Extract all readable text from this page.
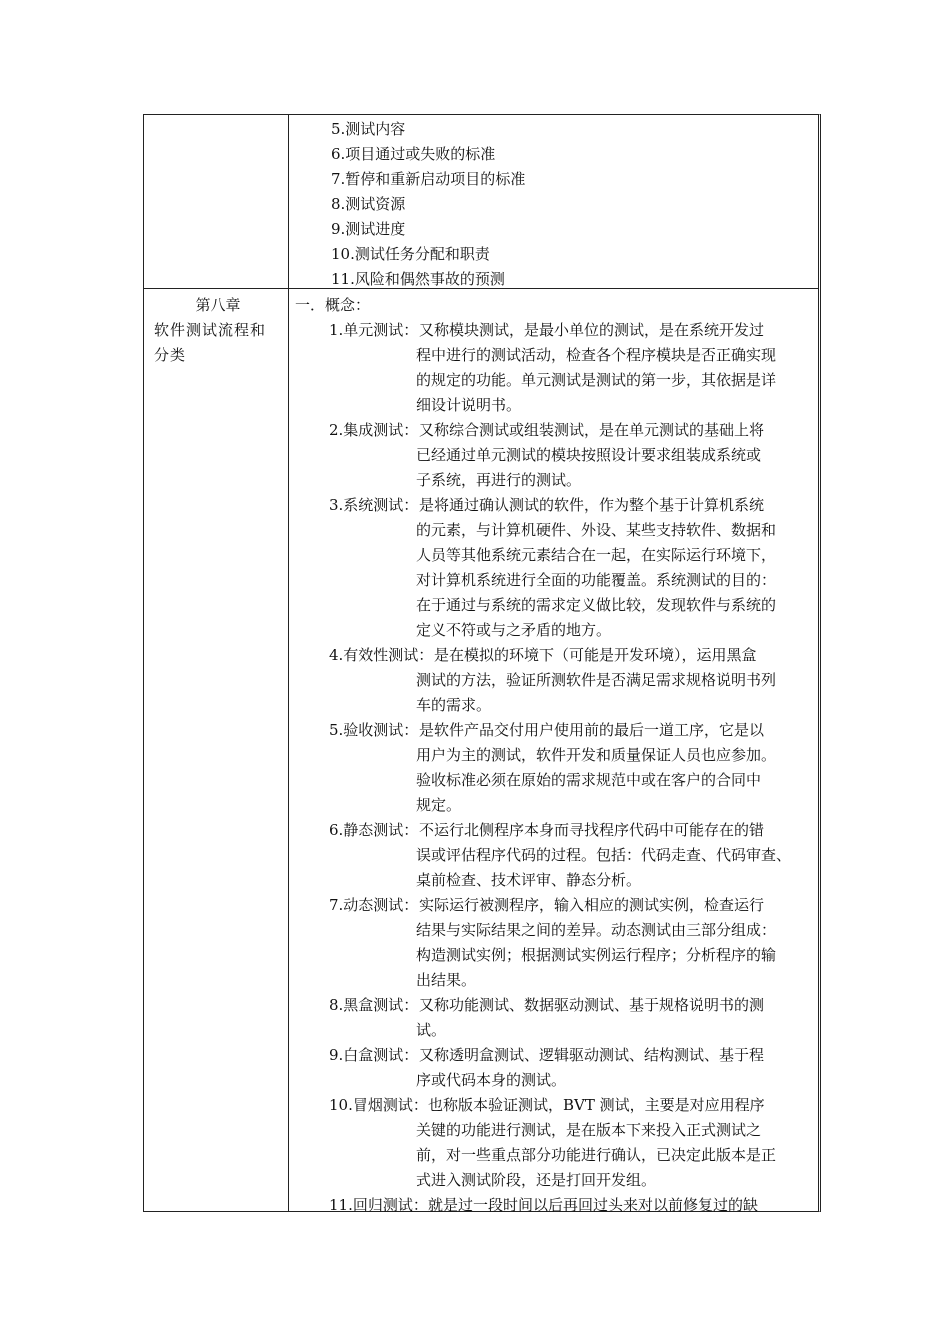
5.测试内容
6.项目通过或失败的标准
7.暂停和重新启动项目的标准
8.测试资源
9.测试进度
10.测试任务分配和职责
11.风险和偶然事故的预测
第八章
软件测试流程和
分类
一．概念：
1.单元测试： 又称模块测试，是最小单位的测试，是在系统开发过
程中进行的测试活动，检查各个程序模块是否正确实现
的规定的功能。单元测试是测试的第一步，其依据是详
细设计说明书。
2.集成测试： 又称综合测试或组装测试，是在单元测试的基础上将
已经通过单元测试的模块按照设计要求组装成系统或
子系统，再进行的测试。
3.系统测试： 是将通过确认测试的软件，作为整个基于计算机系统
的元素，与计算机硬件、外设、某些支持软件、数据和
人员等其他系统元素结合在一起，在实际运行环境下，
对计算机系统进行全面的功能覆盖。系统测试的目的：
在于通过与系统的需求定义做比较，发现软件与系统的
定义不符或与之矛盾的地方。
4.有效性测试： 是在模拟的环境下（可能是开发环境），运用黑盒
测试的方法，验证所测软件是否满足需求规格说明书列
车的需求。
5.验收测试： 是软件产品交付用户使用前的最后一道工序，它是以
用户为主的测试，软件开发和质量保证人员也应参加。
验收标准必须在原始的需求规范中或在客户的合同中
规定。
6.静态测试： 不运行北侧程序本身而寻找程序代码中可能存在的错
误或评估程序代码的过程。包括：代码走查、代码审查、
桌前检查、技术评审、静态分析。
7.动态测试： 实际运行被测程序，输入相应的测试实例，检查运行
结果与实际结果之间的差异。动态测试由三部分组成：
构造测试实例；根据测试实例运行程序；分析程序的输
出结果。
8.黑盒测试： 又称功能测试、数据驱动测试、基于规格说明书的测
试。
9.白盒测试： 又称透明盒测试、逻辑驱动测试、结构测试、基于程
序或代码本身的测试。
10.冒烟测试： 也称版本验证测试，BVT 测试，主要是对应用程序
关键的功能进行测试，是在版本下来投入正式测试之
前，对一些重点部分功能进行确认，已决定此版本是正
式进入测试阶段，还是打回开发组。
11.回归测试： 就是过一段时间以后再回过头来对以前修复过的缺
